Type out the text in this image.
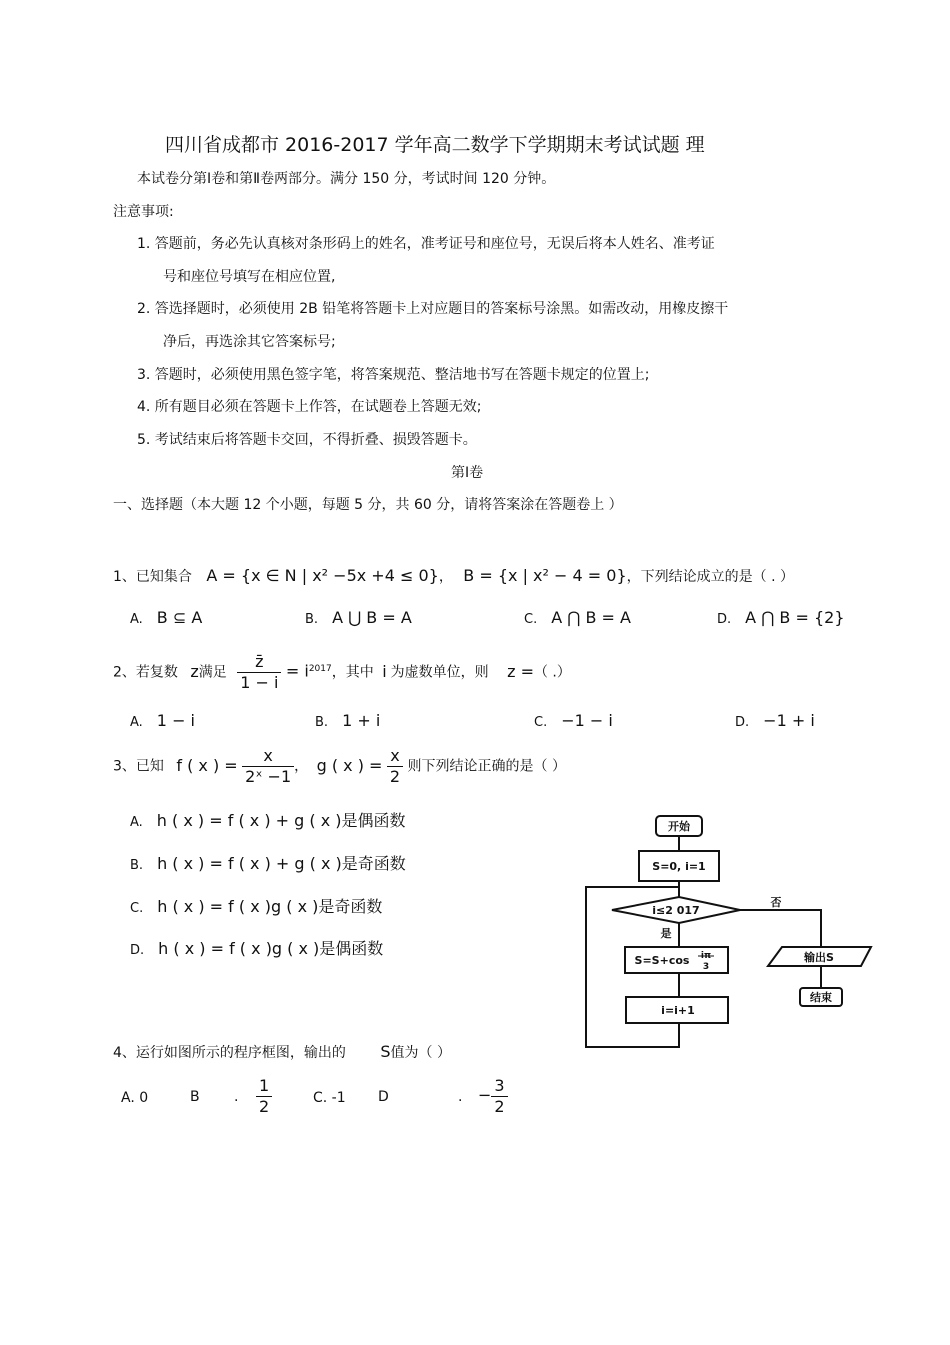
四川省成都市 2016-2017 学年高二数学下学期期末考试试题 理
本试卷分第Ⅰ卷和第Ⅱ卷两部分。满分 150 分，考试时间 120 分钟。
注意事项:
1. 答题前，务必先认真核对条形码上的姓名，准考证号和座位号，无误后将本人姓名、准考证
号和座位号填写在相应位置,
2. 答选择题时，必须使用 2B 铅笔将答题卡上对应题目的答案标号涂黑。如需改动，用橡皮擦干
净后，再选涂其它答案标号;
3. 答题时，必须使用黑色签字笔，将答案规范、整洁地书写在答题卡规定的位置上;
4. 所有题目必须在答题卡上作答，在试题卷上答题无效;
5. 考试结束后将答题卡交回，不得折叠、损毁答题卡。
第Ⅰ卷
一、选择题（本大题 12 个小题，每题 5 分，共 60 分，请将答案涂在答题卷上 ）
1、已知集合 A = {x ∈ N | x² −5x +4 ≤ 0}， B = {x | x² − 4 = 0}，下列结论成立的是（ . ）
A. B ⊆ A	B. A ⋃ B = A	C. A ⋂ B = A	D. A ⋂ B = {2}
2、若复数 z满足 $\frac{z̄}{1 - i} = i^{2017}$，其中 i 为虚数单位，则 z =（ .）
A. 1 − i	B. 1 + i	C. −1 − i	D. −1 + i
3、已知 f ( x ) = $\frac{x}{\text{2ˣ −1}}$ ， g ( x ) = $\frac{x}{2}$ 则下列结论正确的是（ ）
A. h ( x ) = f ( x ) + g ( x )是偶函数
B. h ( x ) = f ( x ) + g ( x )是奇函数
C. h ( x ) = f ( x )g ( x )是奇函数
D. h ( x ) = f ( x )g ( x )是偶函数
开始
S=0, i=1
i≤2 017
否
是
S=S+cos iπ
3
i=i+1
输出S
结束
4、运行如图所示的程序框图，输出的 S值为（ ）
A. 0	B . $\frac{1}{2}$	C. -1 D	. − $\frac{3}{2}$
